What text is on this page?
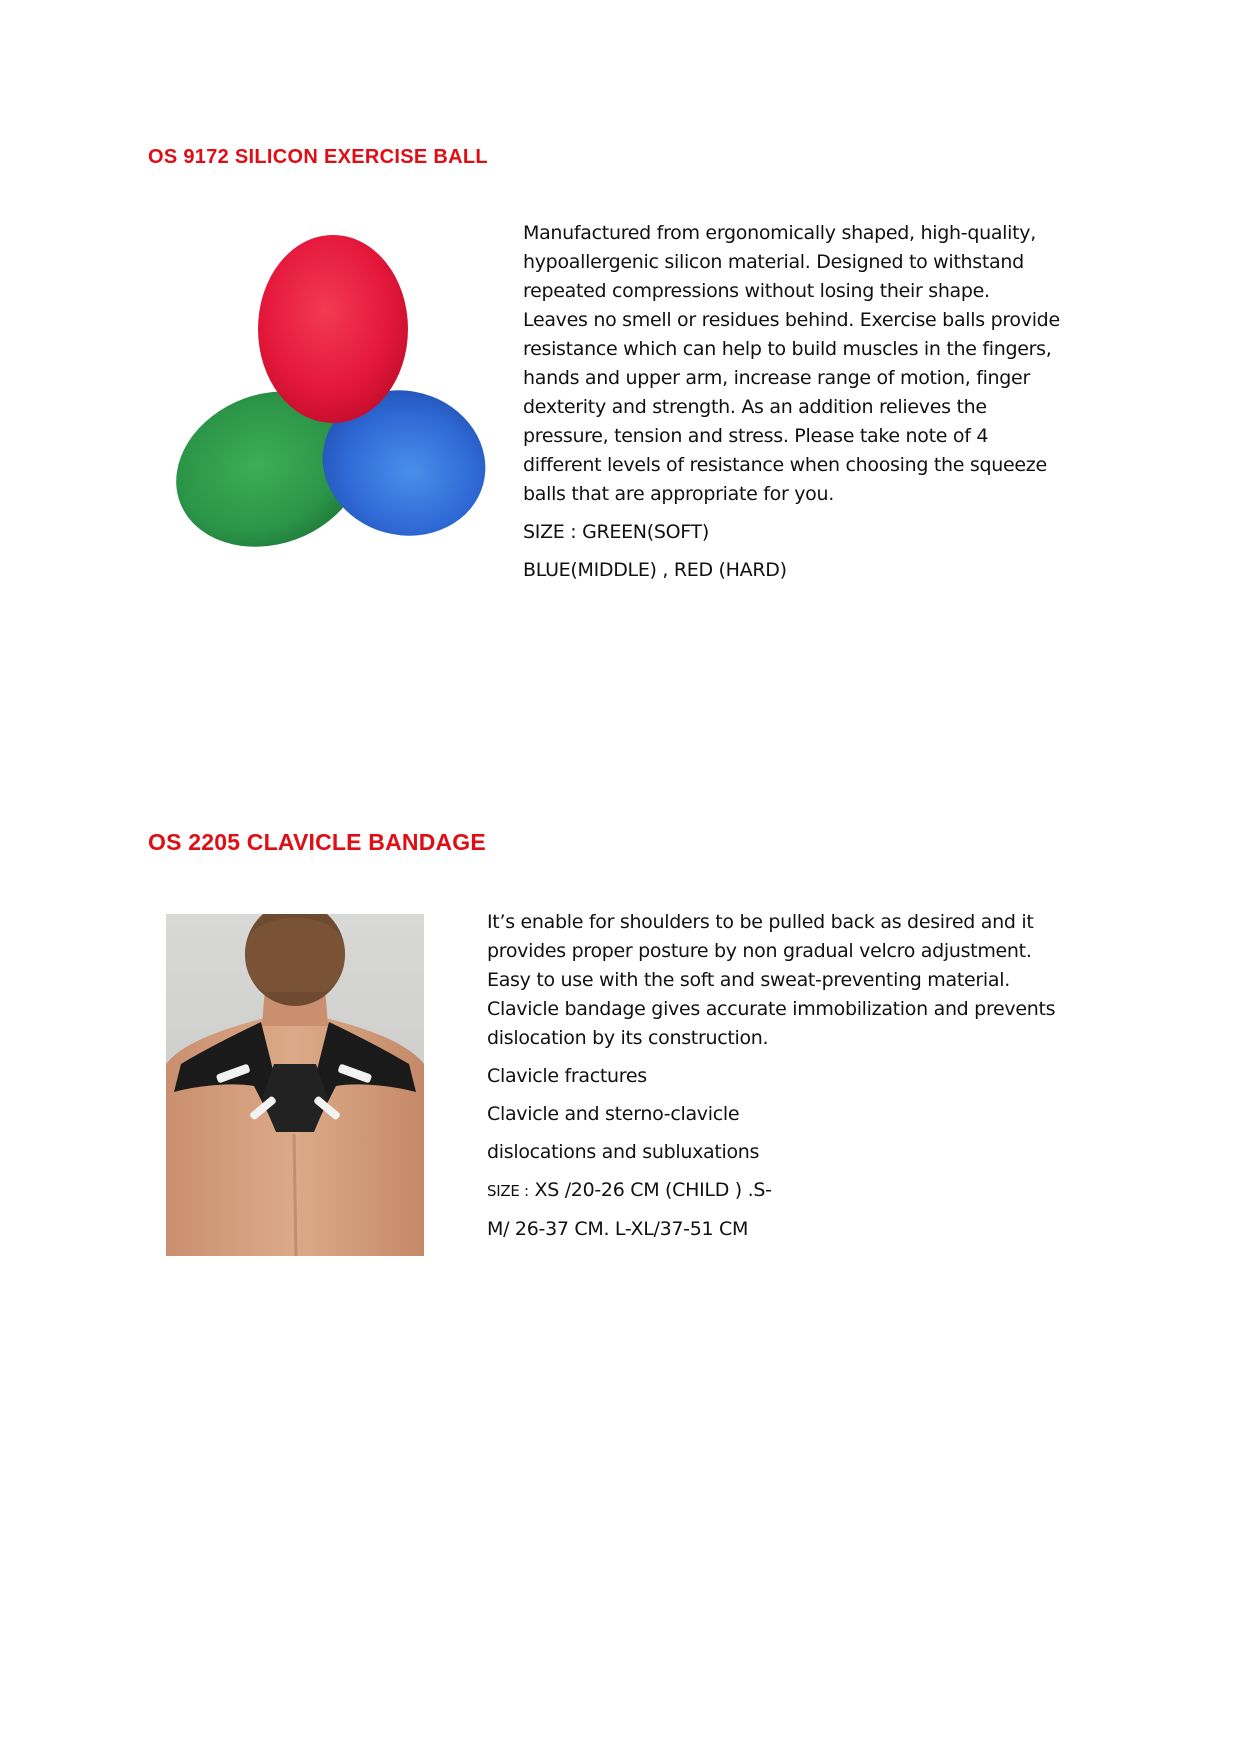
OS 9172 SILICON EXERCISE BALL
Manufactured from ergonomically shaped, high-quality,
hypoallergenic silicon material. Designed to withstand
repeated compressions without losing their shape.
Leaves no smell or residues behind. Exercise balls provide
resistance which can help to build muscles in the fingers,
hands and upper arm, increase range of motion, finger
dexterity and strength. As an addition relieves the
pressure, tension and stress. Please take note of 4
different levels of resistance when choosing the squeeze
balls that are appropriate for you.
SIZE : GREEN(SOFT)
BLUE(MIDDLE) , RED (HARD)
OS 2205 CLAVICLE BANDAGE
It’s enable for shoulders to be pulled back as desired and it
provides proper posture by non gradual velcro adjustment.
Easy to use with the soft and sweat-preventing material.
Clavicle bandage gives accurate immobilization and prevents
dislocation by its construction.
Clavicle fractures
Clavicle and sterno-clavicle
dislocations and subluxations
SIZE : XS /20-26 CM (CHILD ) .S-
M/ 26-37 CM. L-XL/37-51 CM
